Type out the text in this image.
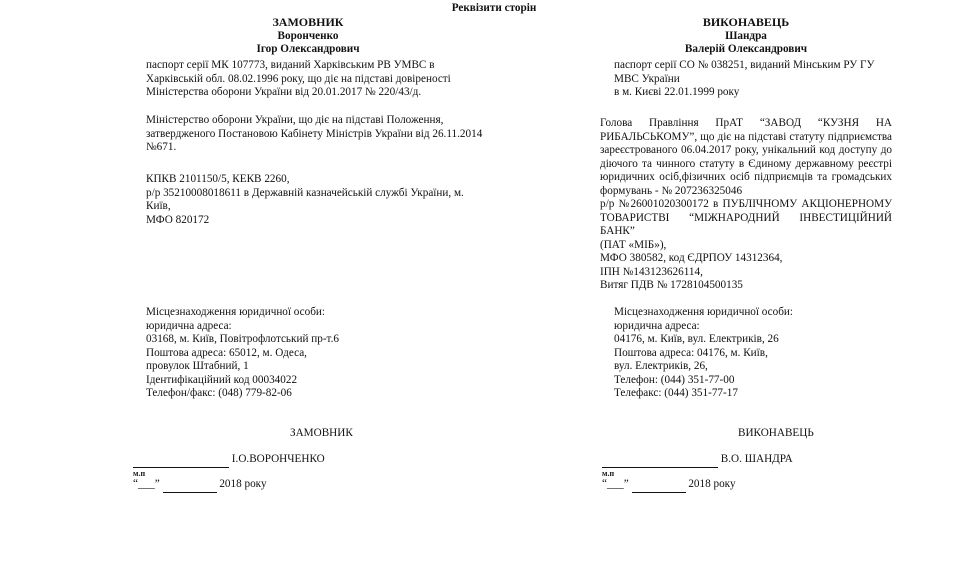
Реквізити сторін
ЗАМОВНИК
Воронченко
Ігор Олександрович
паспорт серії МК 107773, виданий Харківським РВ УМВС в
Харківській обл. 08.02.1996 року, що діє на підставі довіреності
Міністерства оборони України від 20.01.2017 № 220/43/д.
Міністерство оборони України, що діє на підставі Положення,
затвердженого Постановою Кабінету Міністрів України від 26.11.2014
№671.
КПКВ 2101150/5, КЕКВ 2260,
р/р 35210008018611 в Державній казначейській службі України, м.
Київ,
МФО 820172
Місцезнаходження юридичної особи:
юридична адреса:
03168, м. Київ, Повітрофлотський пр-т.6
Поштова адреса: 65012, м. Одеса,
провулок Штабний, 1
Ідентифікаційний код 00034022
Телефон/факс: (048) 779-82-06
ЗАМОВНИК
І.О.ВОРОНЧЕНКО
м.п
“___”	2018 року
ВИКОНАВЕЦЬ
Шандра
Валерій Олександрович
паспорт серії СО № 038251, виданий Мінським РУ ГУ
МВС України
в м. Києві 22.01.1999 року
Голова Правління ПрАТ “ЗАВОД “КУЗНЯ НА
РИБАЛЬСЬКОМУ”, що діє на підставі статуту підприємства
зареєстрованого 06.04.2017 року, унікальний код доступу до
діючого та чинного статуту в Єдиному державному реєстрі
юридичних осіб,фізичних осіб підприємців та громадських
формувань - № 207236325046
р/р №26001020300172 в ПУБЛІЧНОМУ АКЦІОНЕРНОМУ
ТОВАРИСТВІ “МІЖНАРОДНИЙ ІНВЕСТИЦІЙНИЙ БАНК”
(ПАТ «МІБ»),
МФО 380582, код ЄДРПОУ 14312364,
ІПН №143123626114,
Витяг ПДВ № 1728104500135
Місцезнаходження юридичної особи:
юридична адреса:
04176, м. Київ, вул. Електриків, 26
Поштова адреса: 04176, м. Київ,
вул. Електриків, 26,
Телефон: (044) 351-77-00
Телефакс: (044) 351-77-17
ВИКОНАВЕЦЬ
В.О. ШАНДРА
м.п
“___”	2018 року
